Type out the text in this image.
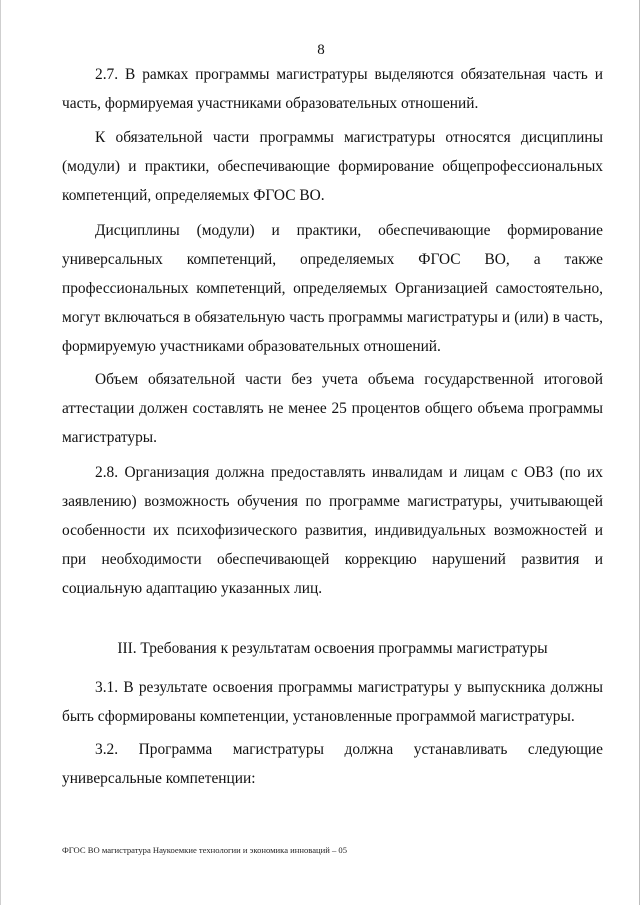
8

2.7. В рамках программы магистратуры выделяются обязательная часть и часть, формируемая участниками образовательных отношений.

К обязательной части программы магистратуры относятся дисциплины (модули) и практики, обеспечивающие формирование общепрофессиональных компетенций, определяемых ФГОС ВО.

Дисциплины (модули) и практики, обеспечивающие формирование универсальных компетенций, определяемых ФГОС ВО, а также профессиональных компетенций, определяемых Организацией самостоятельно, могут включаться в обязательную часть программы магистратуры и (или) в часть, формируемую участниками образовательных отношений.

Объем обязательной части без учета объема государственной итоговой аттестации должен составлять не менее 25 процентов общего объема программы магистратуры.

2.8. Организация должна предоставлять инвалидам и лицам с ОВЗ (по их заявлению) возможность обучения по программе магистратуры, учитывающей особенности их психофизического развития, индивидуальных возможностей и при необходимости обеспечивающей коррекцию нарушений развития и социальную адаптацию указанных лиц.

III. Требования к результатам освоения программы магистратуры

3.1. В результате освоения программы магистратуры у выпускника должны быть сформированы компетенции, установленные программой магистратуры.

3.2. Программа магистратуры должна устанавливать следующие универсальные компетенции:

ФГОС ВО магистратура Наукоемкие технологии и экономика инноваций – 05
